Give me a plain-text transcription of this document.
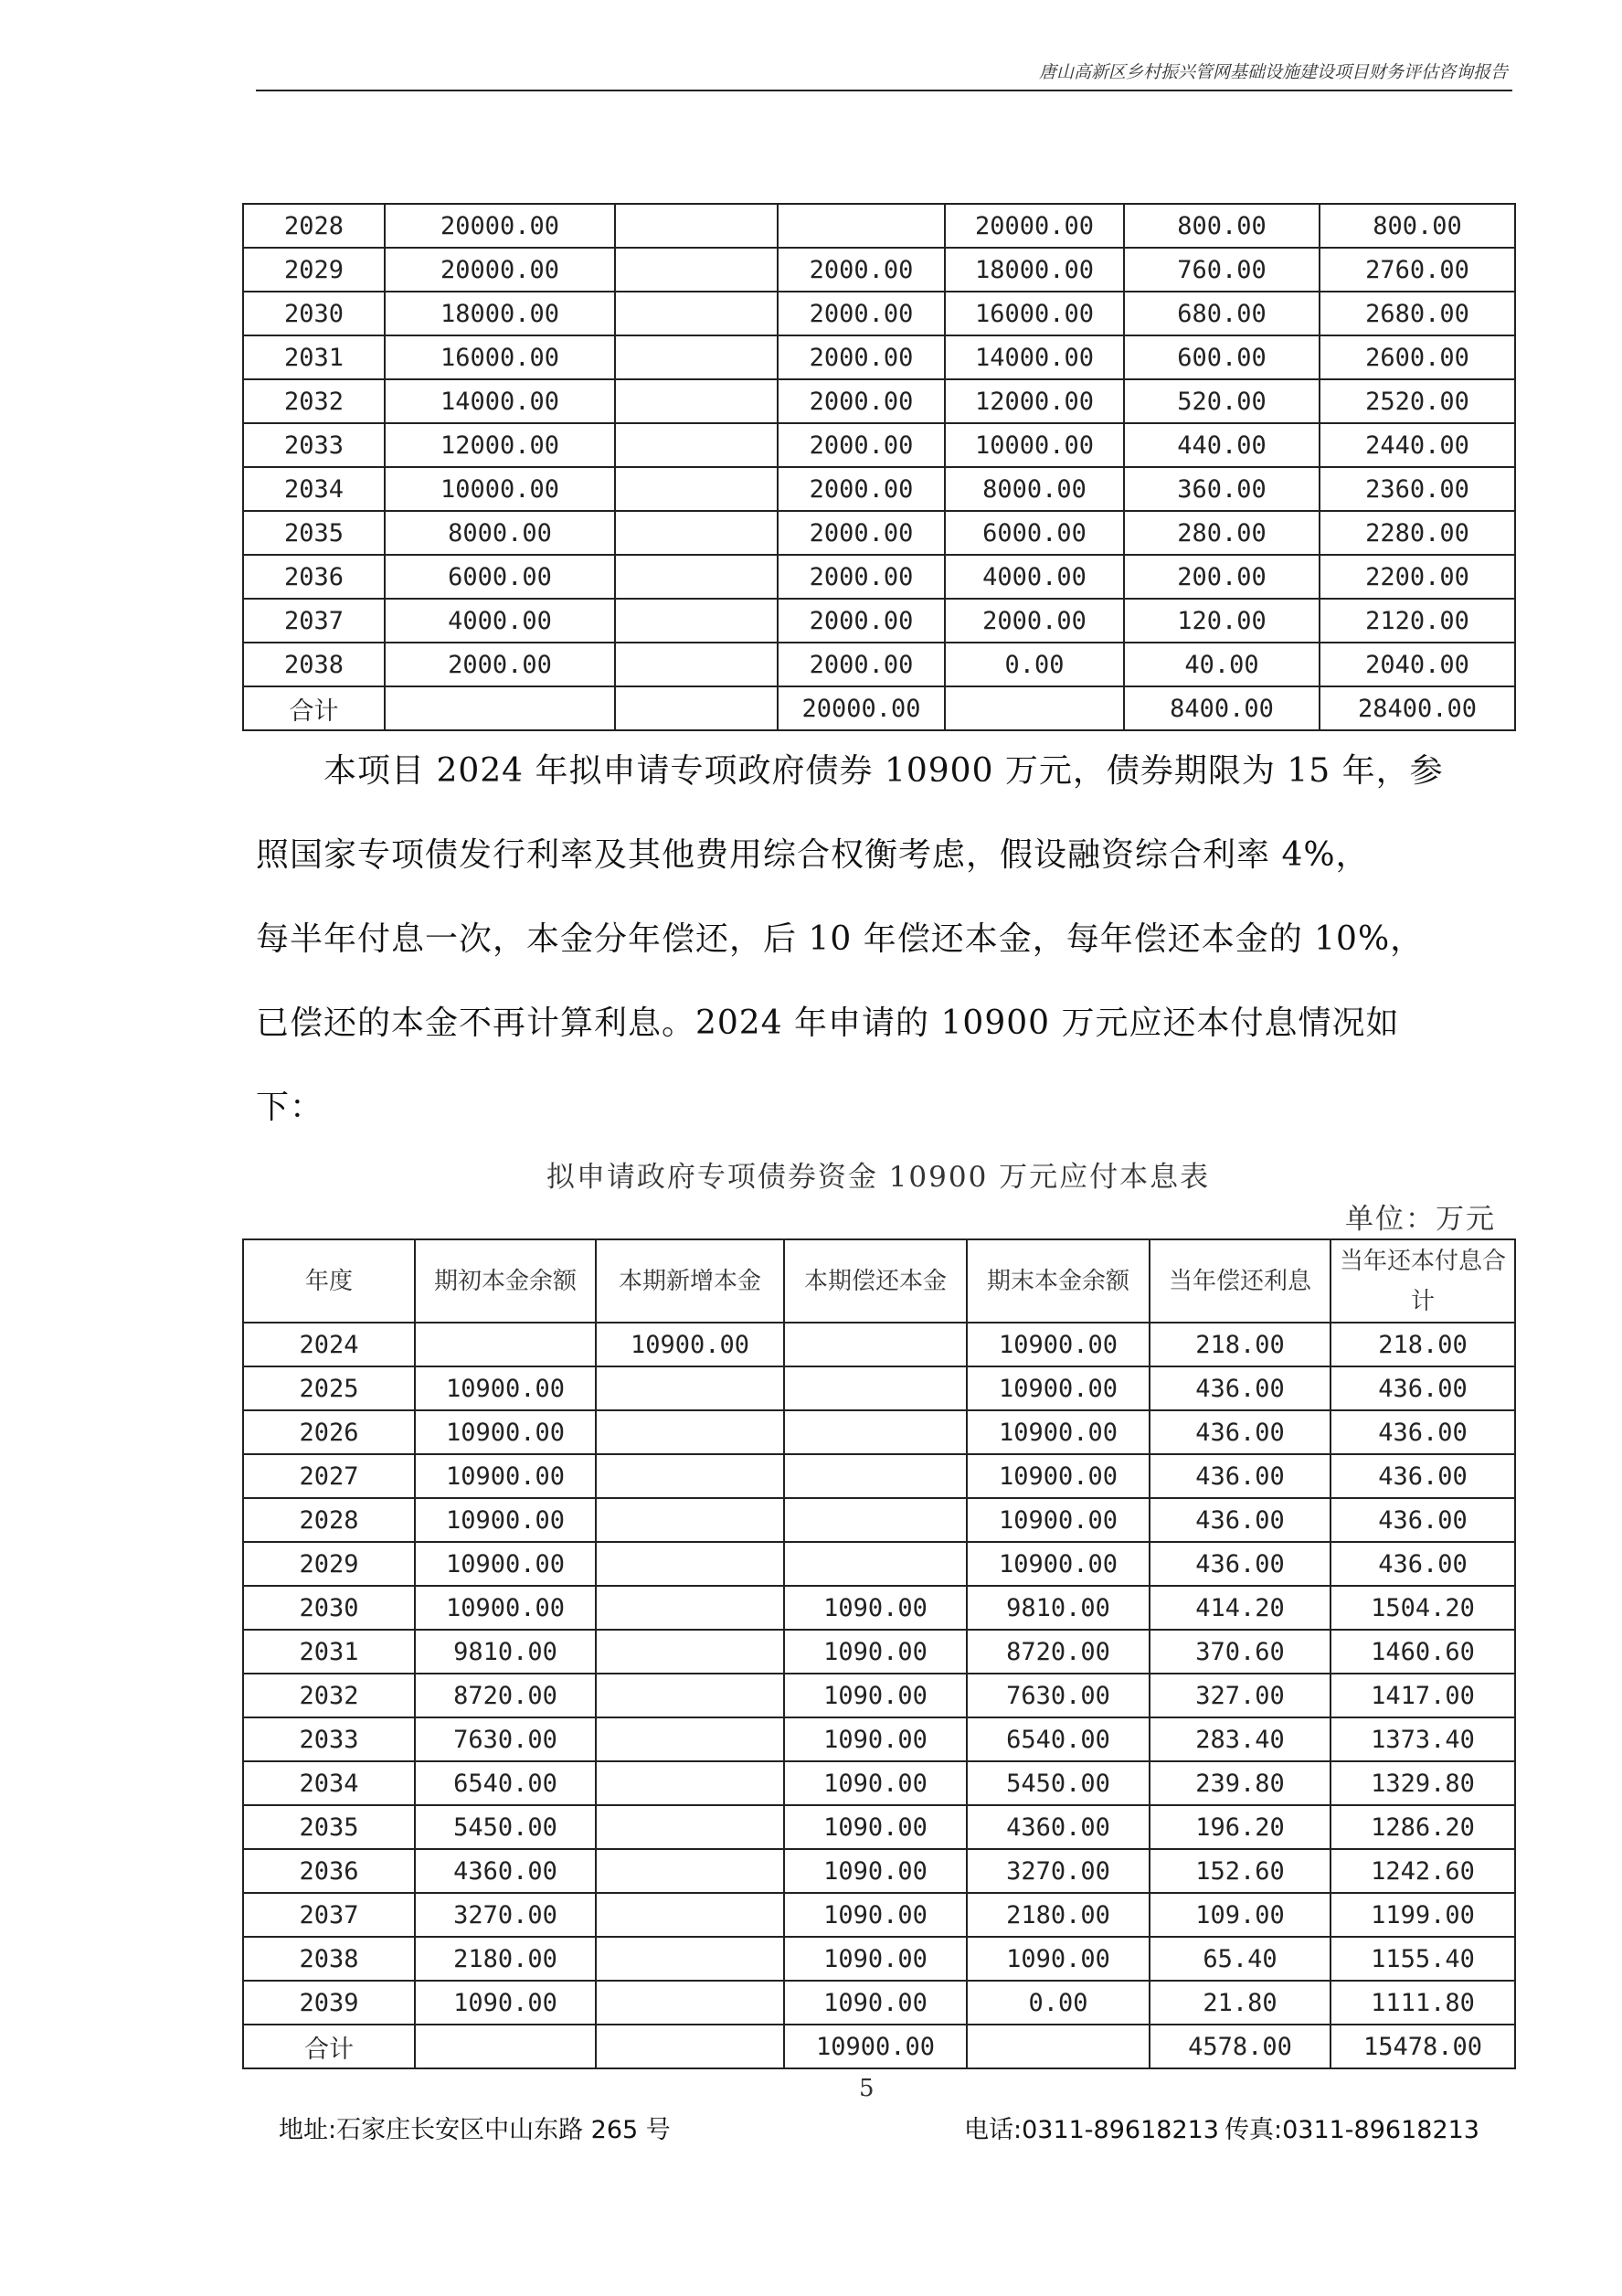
唐山高新区乡村振兴管网基础设施建设项目财务评估咨询报告
2028	20000.00			20000.00	800.00	800.00
2029	20000.00		2000.00	18000.00	760.00	2760.00
2030	18000.00		2000.00	16000.00	680.00	2680.00
2031	16000.00		2000.00	14000.00	600.00	2600.00
2032	14000.00		2000.00	12000.00	520.00	2520.00
2033	12000.00		2000.00	10000.00	440.00	2440.00
2034	10000.00		2000.00	8000.00	360.00	2360.00
2035	8000.00		2000.00	6000.00	280.00	2280.00
2036	6000.00		2000.00	4000.00	200.00	2200.00
2037	4000.00		2000.00	2000.00	120.00	2120.00
2038	2000.00		2000.00	0.00	40.00	2040.00
合计			20000.00		8400.00	28400.00

　　本项目 2024 年拟申请专项政府债券 10900 万元，债券期限为 15 年，参

照国家专项债发行利率及其他费用综合权衡考虑，假设融资综合利率 4%，

每半年付息一次，本金分年偿还，后 10 年偿还本金，每年偿还本金的 10%，

已偿还的本金不再计算利息。2024 年申请的 10900 万元应还本付息情况如

下：

拟申请政府专项债券资金 10900 万元应付本息表
单位：万元
年度	期初本金余额	本期新增本金	本期偿还本金	期末本金余额	当年偿还利息	当年还本付息合计
2024		10900.00		10900.00	218.00	218.00
2025	10900.00			10900.00	436.00	436.00
2026	10900.00			10900.00	436.00	436.00
2027	10900.00			10900.00	436.00	436.00
2028	10900.00			10900.00	436.00	436.00
2029	10900.00			10900.00	436.00	436.00
2030	10900.00		1090.00	9810.00	414.20	1504.20
2031	9810.00		1090.00	8720.00	370.60	1460.60
2032	8720.00		1090.00	7630.00	327.00	1417.00
2033	7630.00		1090.00	6540.00	283.40	1373.40
2034	6540.00		1090.00	5450.00	239.80	1329.80
2035	5450.00		1090.00	4360.00	196.20	1286.20
2036	4360.00		1090.00	3270.00	152.60	1242.60
2037	3270.00		1090.00	2180.00	109.00	1199.00
2038	2180.00		1090.00	1090.00	65.40	1155.40
2039	1090.00		1090.00	0.00	21.80	1111.80
合计			10900.00		4578.00	15478.00
5
地址:石家庄长安区中山东路 265 号	电话:0311-89618213 传真:0311-89618213
